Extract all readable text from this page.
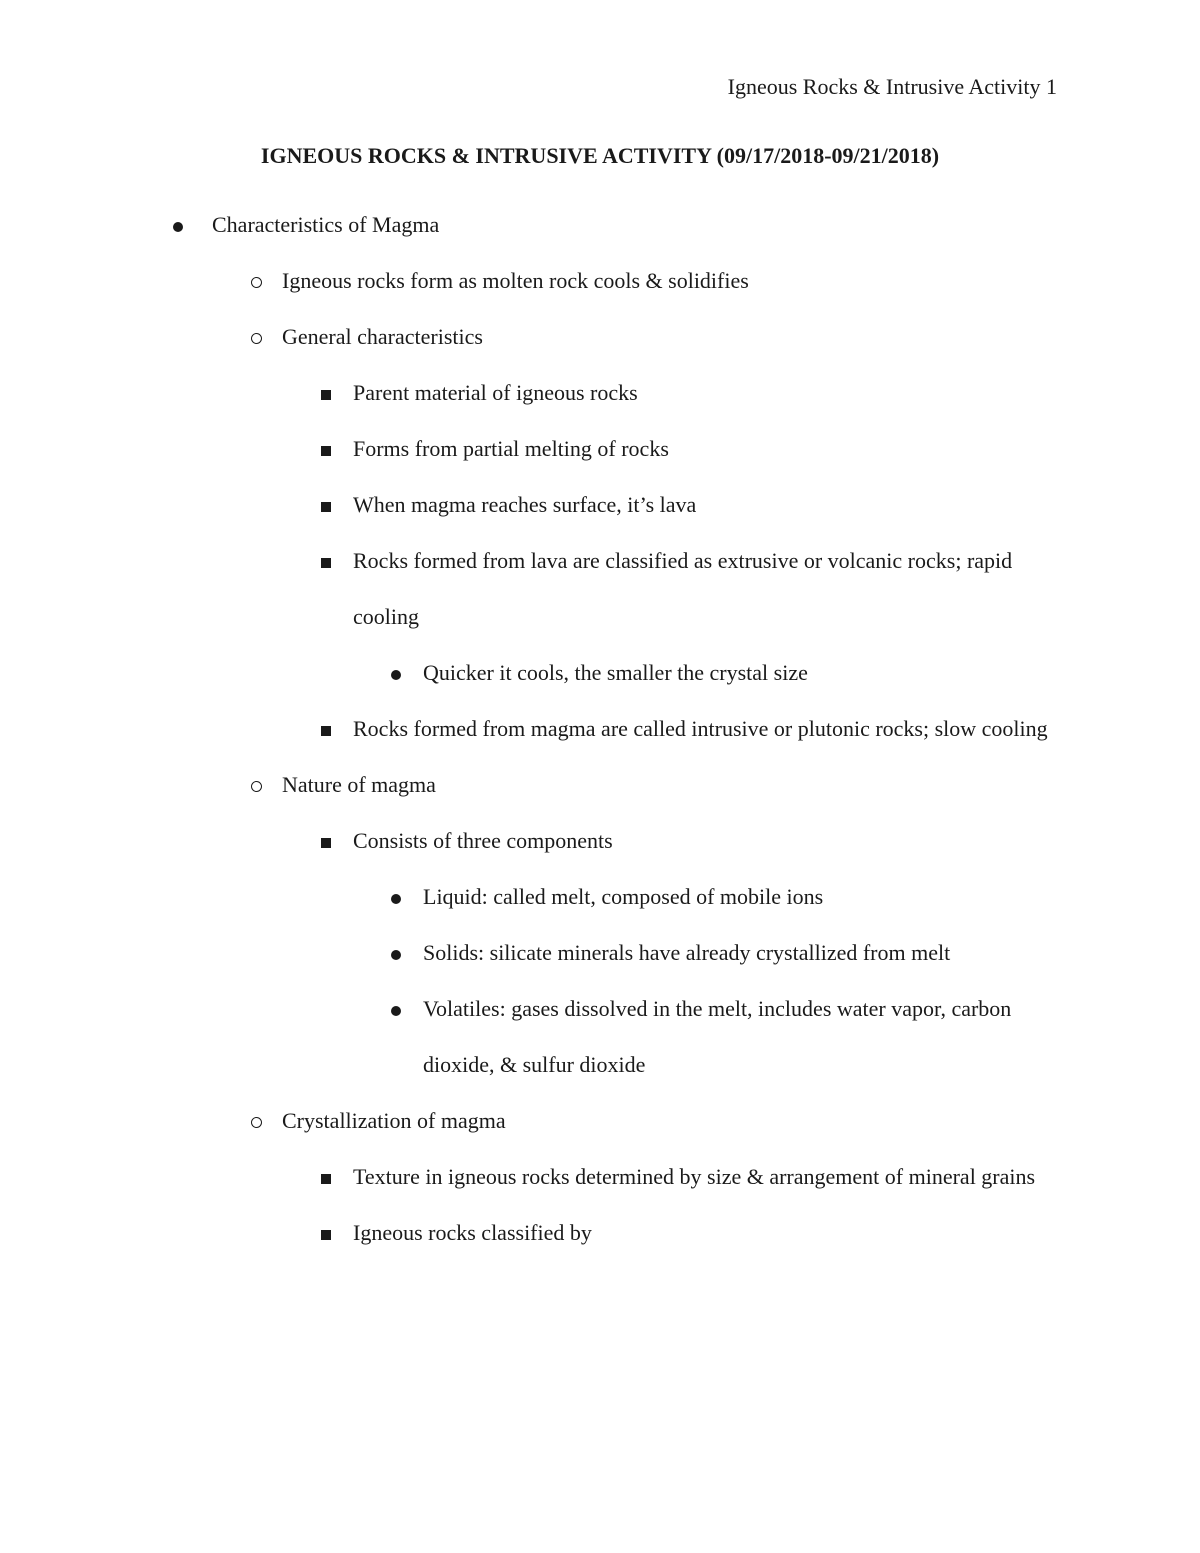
Igneous Rocks & Intrusive Activity 1
IGNEOUS ROCKS & INTRUSIVE ACTIVITY (09/17/2018-09/21/2018)
Characteristics of Magma
Igneous rocks form as molten rock cools & solidifies
General characteristics
Parent material of igneous rocks
Forms from partial melting of rocks
When magma reaches surface, it’s lava
Rocks formed from lava are classified as extrusive or volcanic rocks; rapid cooling
Quicker it cools, the smaller the crystal size
Rocks formed from magma are called intrusive or plutonic rocks; slow cooling
Nature of magma
Consists of three components
Liquid: called melt, composed of mobile ions
Solids: silicate minerals have already crystallized from melt
Volatiles: gases dissolved in the melt, includes water vapor, carbon dioxide, & sulfur dioxide
Crystallization of magma
Texture in igneous rocks determined by size & arrangement of mineral grains
Igneous rocks classified by
